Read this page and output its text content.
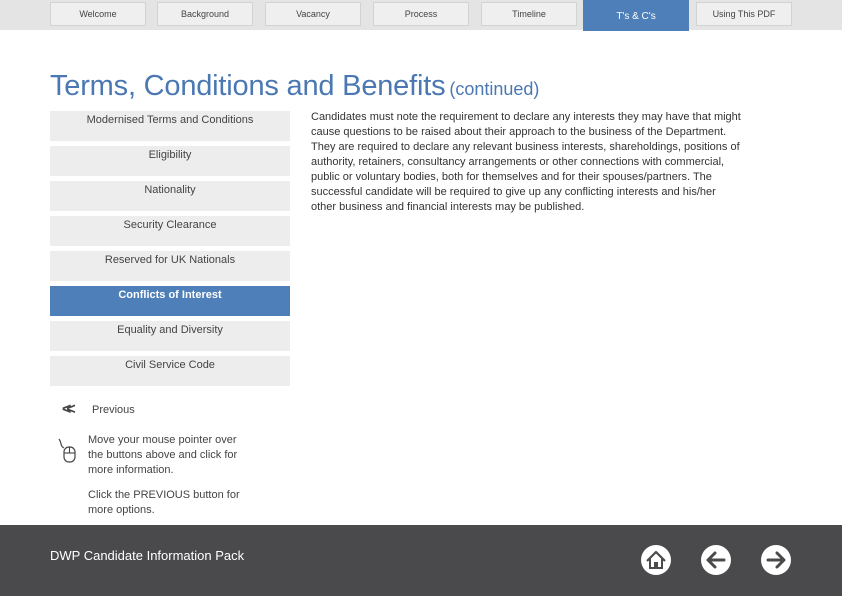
Welcome	Background	Vacancy	Process	Timeline	T's & C's	Using This PDF
Terms, Conditions and Benefits (continued)
Modernised Terms and Conditions
Eligibility
Nationality
Security Clearance
Reserved for UK Nationals
Conflicts of Interest
Equality and Diversity
Civil Service Code
<<	Previous
Move your mouse pointer over the buttons above and click for more information.
Click the PREVIOUS button for more options.
Candidates must note the requirement to declare any interests they may have that might cause questions to be raised about their approach to the business of the Department. They are required to declare any relevant business interests, shareholdings, positions of authority, retainers, consultancy arrangements or other connections with commercial, public or voluntary bodies, both for themselves and for their spouses/partners. The successful candidate will be required to give up any conflicting interests and his/her other business and financial interests may be published.
DWP Candidate Information Pack
